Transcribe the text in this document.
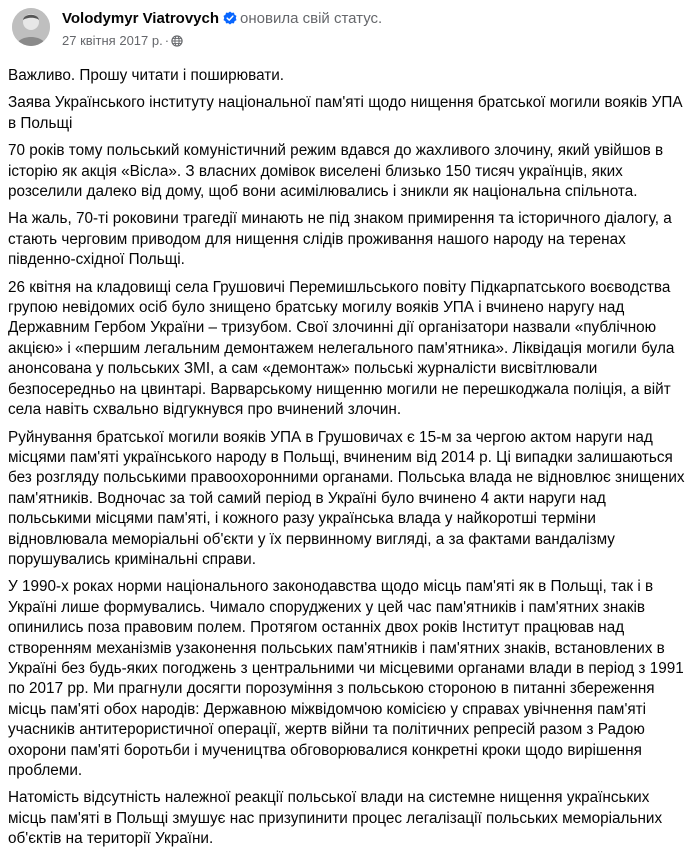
Volodymyr Viatrovych оновила свій статус.
27 квітня 2017 р. ·

Важливо. Прошу читати і поширювати.

Заява Українського інституту національної пам'яті щодо нищення братської могили вояків УПА в Польщі

70 років тому польський комуністичний режим вдався до жахливого злочину, який увійшов в історію як акція «Вісла». З власних домівок виселені близько 150 тисяч українців, яких розселили далеко від дому, щоб вони асимілювались і зникли як національна спільнота.

На жаль, 70-ті роковини трагедії минають не під знаком примирення та історичного діалогу, а стають черговим приводом для нищення слідів проживання нашого народу на теренах південно-східної Польщі.

26 квітня на кладовищі села Грушовичі Перемишльського повіту Підкарпатського воєводства групою невідомих осіб було знищено братську могилу вояків УПА і вчинено наругу над Державним Гербом України – тризубом. Свої злочинні дії організатори назвали «публічною акцією» і «першим легальним демонтажем нелегального пам'ятника». Ліквідація могили була анонсована у польських ЗМІ, а сам «демонтаж» польські журналісти висвітлювали безпосередньо на цвинтарі. Варварському нищенню могили не перешкоджала поліція, а війт села навіть схвально відгукнувся про вчинений злочин.

Руйнування братської могили вояків УПА в Грушовичах є 15-м за чергою актом наруги над місцями пам'яті українського народу в Польщі, вчиненим від 2014 р. Ці випадки залишаються без розгляду польськими правоохоронними органами. Польська влада не відновлює знищених пам'ятників. Водночас за той самий період в Україні було вчинено 4 акти наруги над польськими місцями пам'яті, і кожного разу українська влада у найкоротші терміни відновлювала меморіальні об'єкти у їх первинному вигляді, а за фактами вандалізму порушувались кримінальні справи.

У 1990-х роках норми національного законодавства щодо місць пам'яті як в Польщі, так і в Україні лише формувались. Чимало споруджених у цей час пам'ятників і пам'ятних знаків опинились поза правовим полем. Протягом останніх двох років Інститут працював над створенням механізмів узаконення польських пам'ятників і пам'ятних знаків, встановлених в Україні без будь-яких погоджень з центральними чи місцевими органами влади в період з 1991 по 2017 рр. Ми прагнули досягти порозуміння з польською стороною в питанні збереження місць пам'яті обох народів: Державною міжвідомчою комісією у справах увічнення пам'яті учасників антитерористичної операції, жертв війни та політичних репресій разом з Радою охорони пам'яті боротьби і мучеництва обговорювалися конкретні кроки щодо вирішення проблеми.

Натомість відсутність належної реакції польської влади на системне нищення українських місць пам'яті в Польщі змушує нас призупинити процес легалізації польських меморіальних об'єктів на території України.
